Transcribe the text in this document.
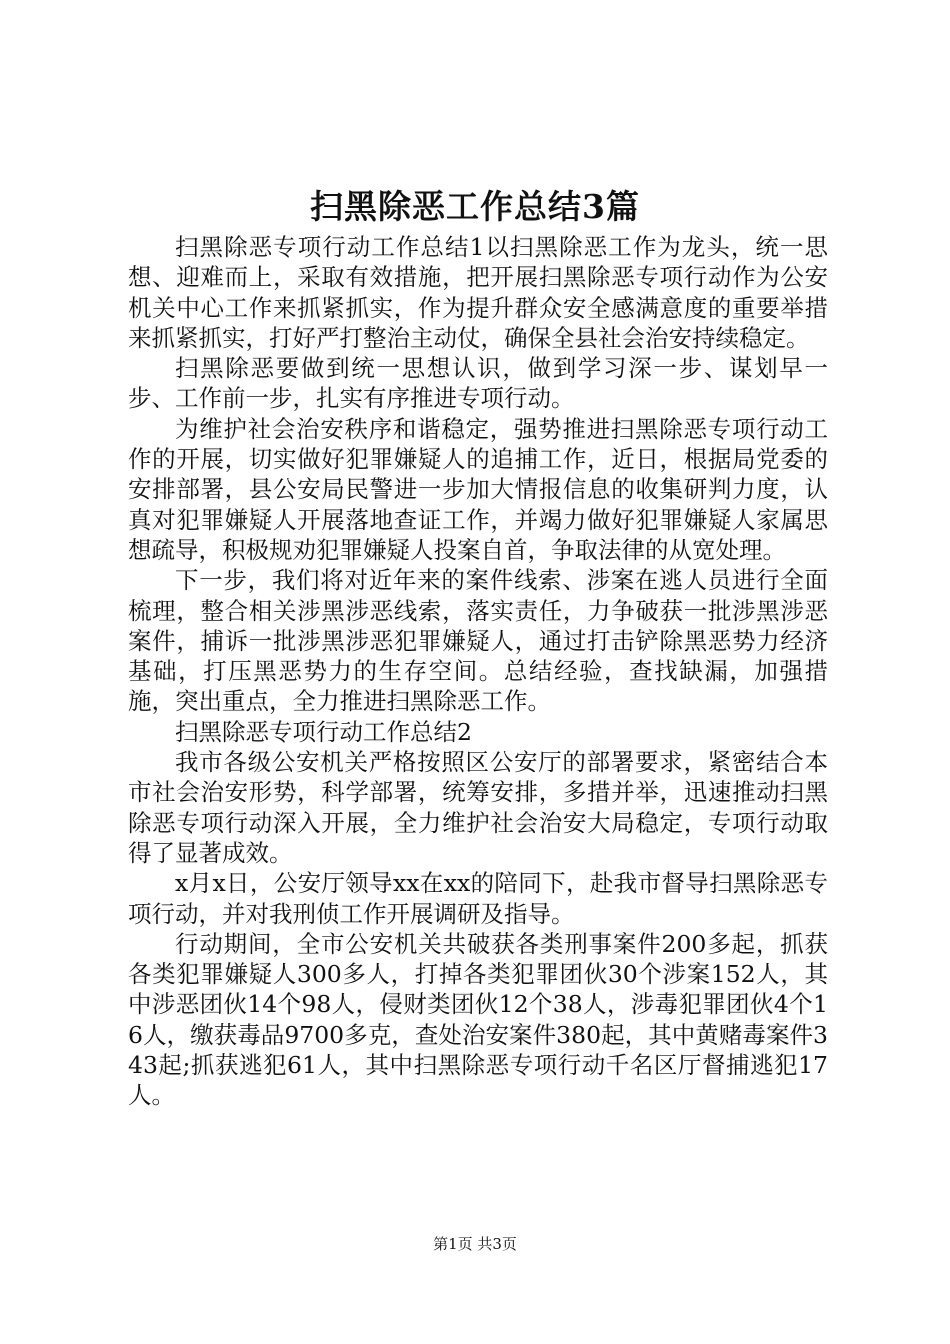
扫黑除恶工作总结3篇

扫黑除恶专项行动工作总结1以扫黑除恶工作为龙头，统一思想、迎难而上，采取有效措施，把开展扫黑除恶专项行动作为公安机关中心工作来抓紧抓实，作为提升群众安全感满意度的重要举措来抓紧抓实，打好严打整治主动仗，确保全县社会治安持续稳定。

扫黑除恶要做到统一思想认识，做到学习深一步、谋划早一步、工作前一步，扎实有序推进专项行动。

为维护社会治安秩序和谐稳定，强势推进扫黑除恶专项行动工作的开展，切实做好犯罪嫌疑人的追捕工作，近日，根据局党委的安排部署，县公安局民警进一步加大情报信息的收集研判力度，认真对犯罪嫌疑人开展落地查证工作，并竭力做好犯罪嫌疑人家属思想疏导，积极规劝犯罪嫌疑人投案自首，争取法律的从宽处理。

下一步，我们将对近年来的案件线索、涉案在逃人员进行全面梳理，整合相关涉黑涉恶线索，落实责任，力争破获一批涉黑涉恶案件，捕诉一批涉黑涉恶犯罪嫌疑人，通过打击铲除黑恶势力经济基础，打压黑恶势力的生存空间。总结经验，查找缺漏，加强措施，突出重点，全力推进扫黑除恶工作。

扫黑除恶专项行动工作总结2

我市各级公安机关严格按照区公安厅的部署要求，紧密结合本市社会治安形势，科学部署，统筹安排，多措并举，迅速推动扫黑除恶专项行动深入开展，全力维护社会治安大局稳定，专项行动取得了显著成效。

x月x日，公安厅领导xx在xx的陪同下，赴我市督导扫黑除恶专项行动，并对我刑侦工作开展调研及指导。

行动期间，全市公安机关共破获各类刑事案件200多起，抓获各类犯罪嫌疑人300多人，打掉各类犯罪团伙30个涉案152人，其中涉恶团伙14个98人，侵财类团伙12个38人，涉毒犯罪团伙4个16人，缴获毒品9700多克，查处治安案件380起，其中黄赌毒案件343起;抓获逃犯61人，其中扫黑除恶专项行动千名区厅督捕逃犯17人。

第1页 共3页
